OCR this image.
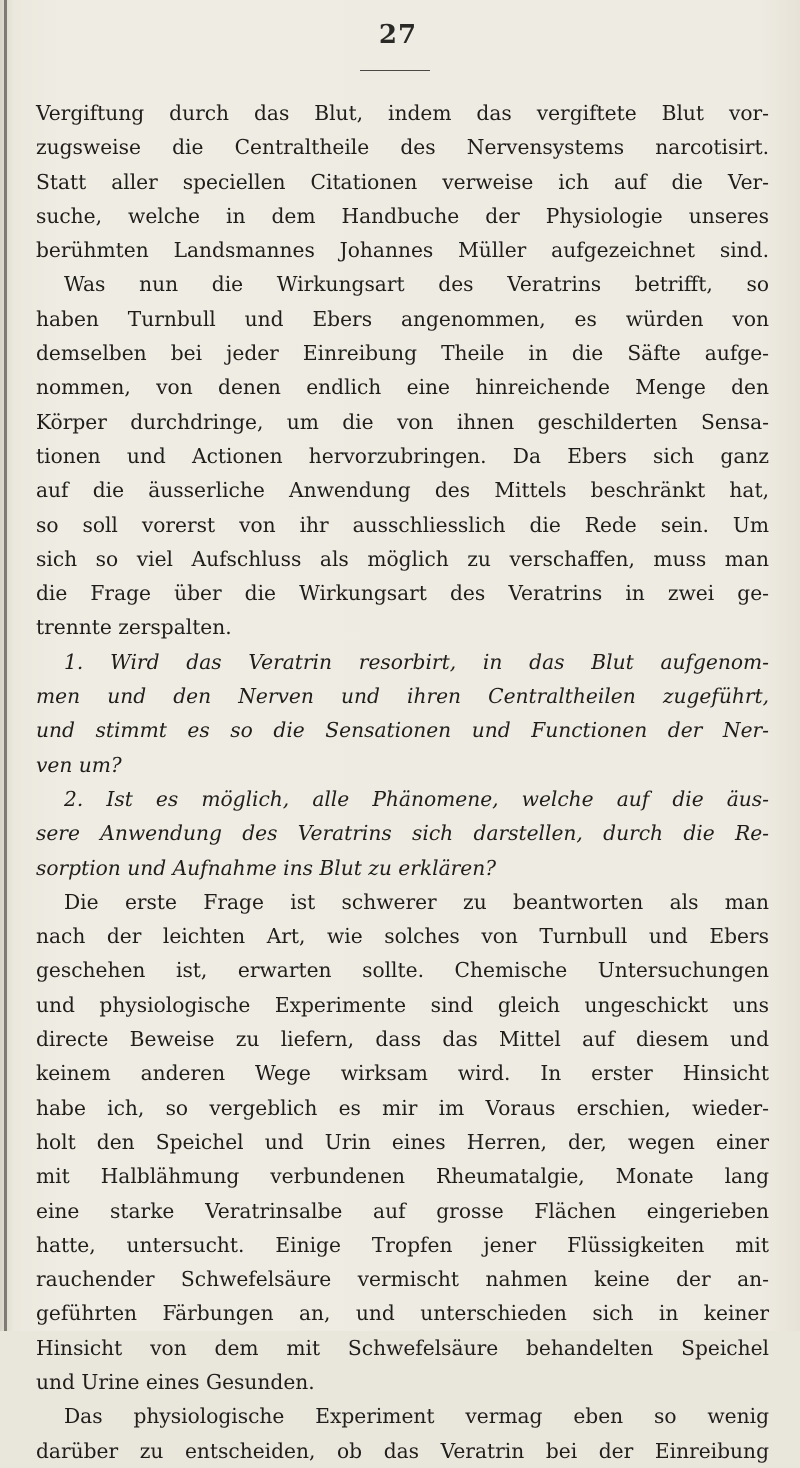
27
Vergiftung durch das Blut, indem das vergiftete Blut vor-
zugsweise die Centraltheile des Nervensystems narcotisirt.
Statt aller speciellen Citationen verweise ich auf die Ver-
suche, welche in dem Handbuche der Physiologie unseres
berühmten Landsmannes Johannes Müller aufgezeichnet sind.
Was nun die Wirkungsart des Veratrins betrifft, so
haben Turnbull und Ebers angenommen, es würden von
demselben bei jeder Einreibung Theile in die Säfte aufge-
nommen, von denen endlich eine hinreichende Menge den
Körper durchdringe, um die von ihnen geschilderten Sensa-
tionen und Actionen hervorzubringen. Da Ebers sich ganz
auf die äusserliche Anwendung des Mittels beschränkt hat,
so soll vorerst von ihr ausschliesslich die Rede sein. Um
sich so viel Aufschluss als möglich zu verschaffen, muss man
die Frage über die Wirkungsart des Veratrins in zwei ge-
trennte zerspalten.
1. Wird das Veratrin resorbirt, in das Blut aufgenom-
men und den Nerven und ihren Centraltheilen zugeführt,
und stimmt es so die Sensationen und Functionen der Ner-
ven um?
2. Ist es möglich, alle Phänomene, welche auf die äus-
sere Anwendung des Veratrins sich darstellen, durch die Re-
sorption und Aufnahme ins Blut zu erklären?
Die erste Frage ist schwerer zu beantworten als man
nach der leichten Art, wie solches von Turnbull und Ebers
geschehen ist, erwarten sollte. Chemische Untersuchungen
und physiologische Experimente sind gleich ungeschickt uns
directe Beweise zu liefern, dass das Mittel auf diesem und
keinem anderen Wege wirksam wird. In erster Hinsicht
habe ich, so vergeblich es mir im Voraus erschien, wieder-
holt den Speichel und Urin eines Herren, der, wegen einer
mit Halblähmung verbundenen Rheumatalgie, Monate lang
eine starke Veratrinsalbe auf grosse Flächen eingerieben
hatte, untersucht. Einige Tropfen jener Flüssigkeiten mit
rauchender Schwefelsäure vermischt nahmen keine der an-
geführten Färbungen an, und unterschieden sich in keiner
Hinsicht von dem mit Schwefelsäure behandelten Speichel
und Urine eines Gesunden.
Das physiologische Experiment vermag eben so wenig
darüber zu entscheiden, ob das Veratrin bei der Einreibung
